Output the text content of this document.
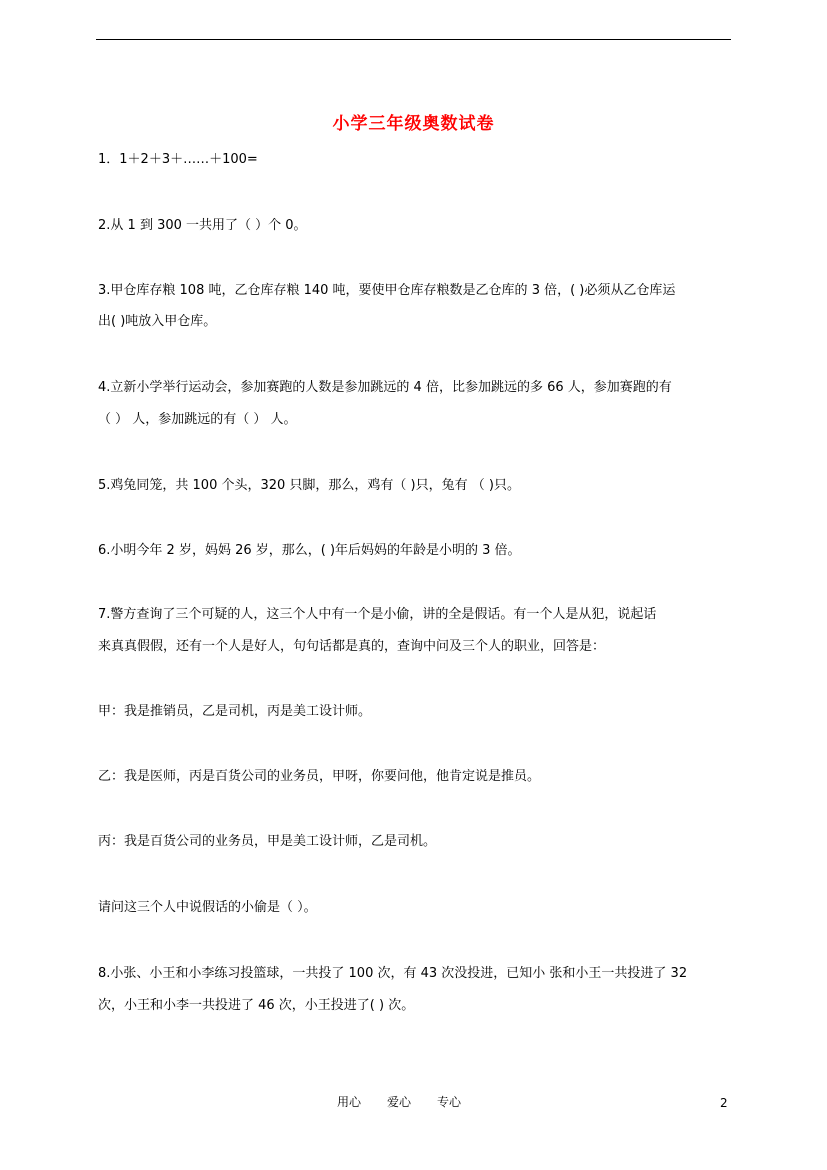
小学三年级奥数试卷
1．1＋2＋3＋……＋100=
2.从 1 到 300 一共用了（ ）个 0。
3.甲仓库存粮 108 吨，乙仓库存粮 140 吨，要使甲仓库存粮数是乙仓库的 3 倍，( )必须从乙仓库运
出( )吨放入甲仓库。
4.立新小学举行运动会，参加赛跑的人数是参加跳远的 4 倍，比参加跳远的多 66 人，参加赛跑的有
（ ） 人，参加跳远的有（ ） 人。
5.鸡兔同笼，共 100 个头，320 只脚，那么，鸡有（ )只，兔有 （ )只。
6.小明今年 2 岁，妈妈 26 岁，那么，( )年后妈妈的年龄是小明的 3 倍。
7.警方查询了三个可疑的人，这三个人中有一个是小偷，讲的全是假话。有一个人是从犯，说起话
来真真假假，还有一个人是好人，句句话都是真的，查询中问及三个人的职业，回答是：
甲：我是推销员，乙是司机，丙是美工设计师。
乙：我是医师，丙是百货公司的业务员，甲呀，你要问他，他肯定说是推员。
丙：我是百货公司的业务员，甲是美工设计师，乙是司机。
请问这三个人中说假话的小偷是（ ）。
8.小张、小王和小李练习投篮球，一共投了 100 次，有 43 次没投进，已知小 张和小王一共投进了 32
次，小王和小李一共投进了 46 次，小王投进了( ) 次。
用心 爱心 专心	2
